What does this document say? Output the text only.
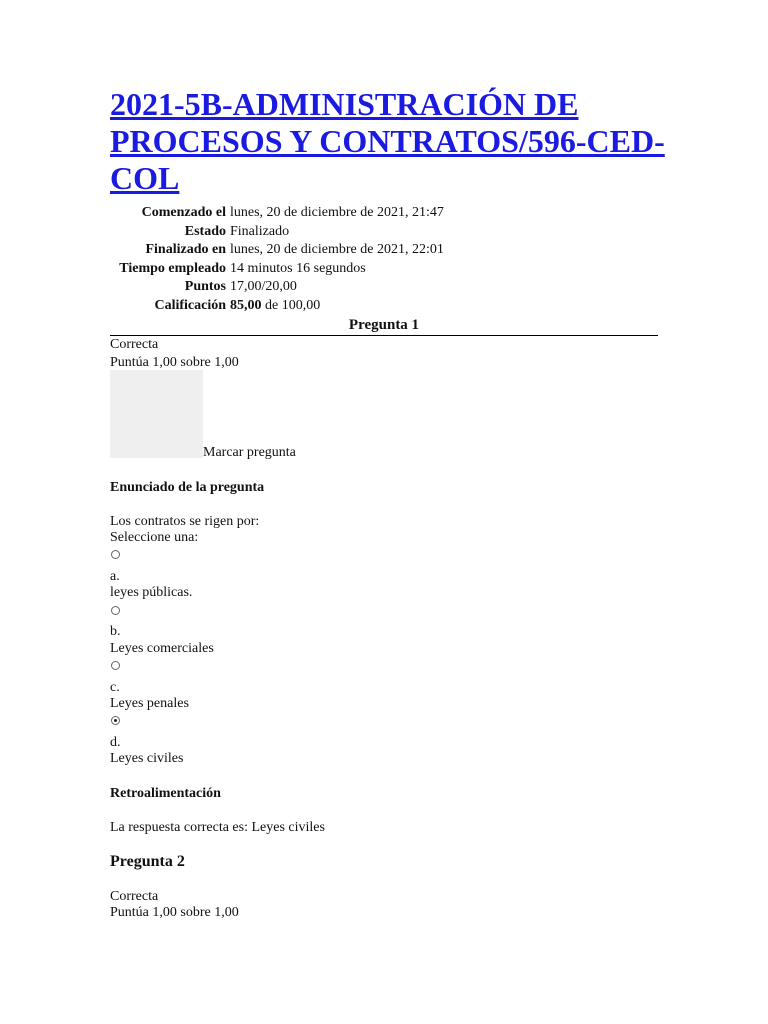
2021-5B-ADMINISTRACIÓN DE PROCESOS Y CONTRATOS/596-CED-COL
Comenzado el	lunes, 20 de diciembre de 2021, 21:47
Estado	Finalizado
Finalizado en	lunes, 20 de diciembre de 2021, 22:01
Tiempo empleado	14 minutos 16 segundos
Puntos	17,00/20,00
Calificación	85,00 de 100,00
Pregunta 1
Correcta
Puntúa 1,00 sobre 1,00
Marcar pregunta
Enunciado de la pregunta
Los contratos se rigen por:
Seleccione una:
a.
leyes públicas.
b.
Leyes comerciales
c.
Leyes penales
d.
Leyes civiles
Retroalimentación
La respuesta correcta es: Leyes civiles
Pregunta 2
Correcta
Puntúa 1,00 sobre 1,00
